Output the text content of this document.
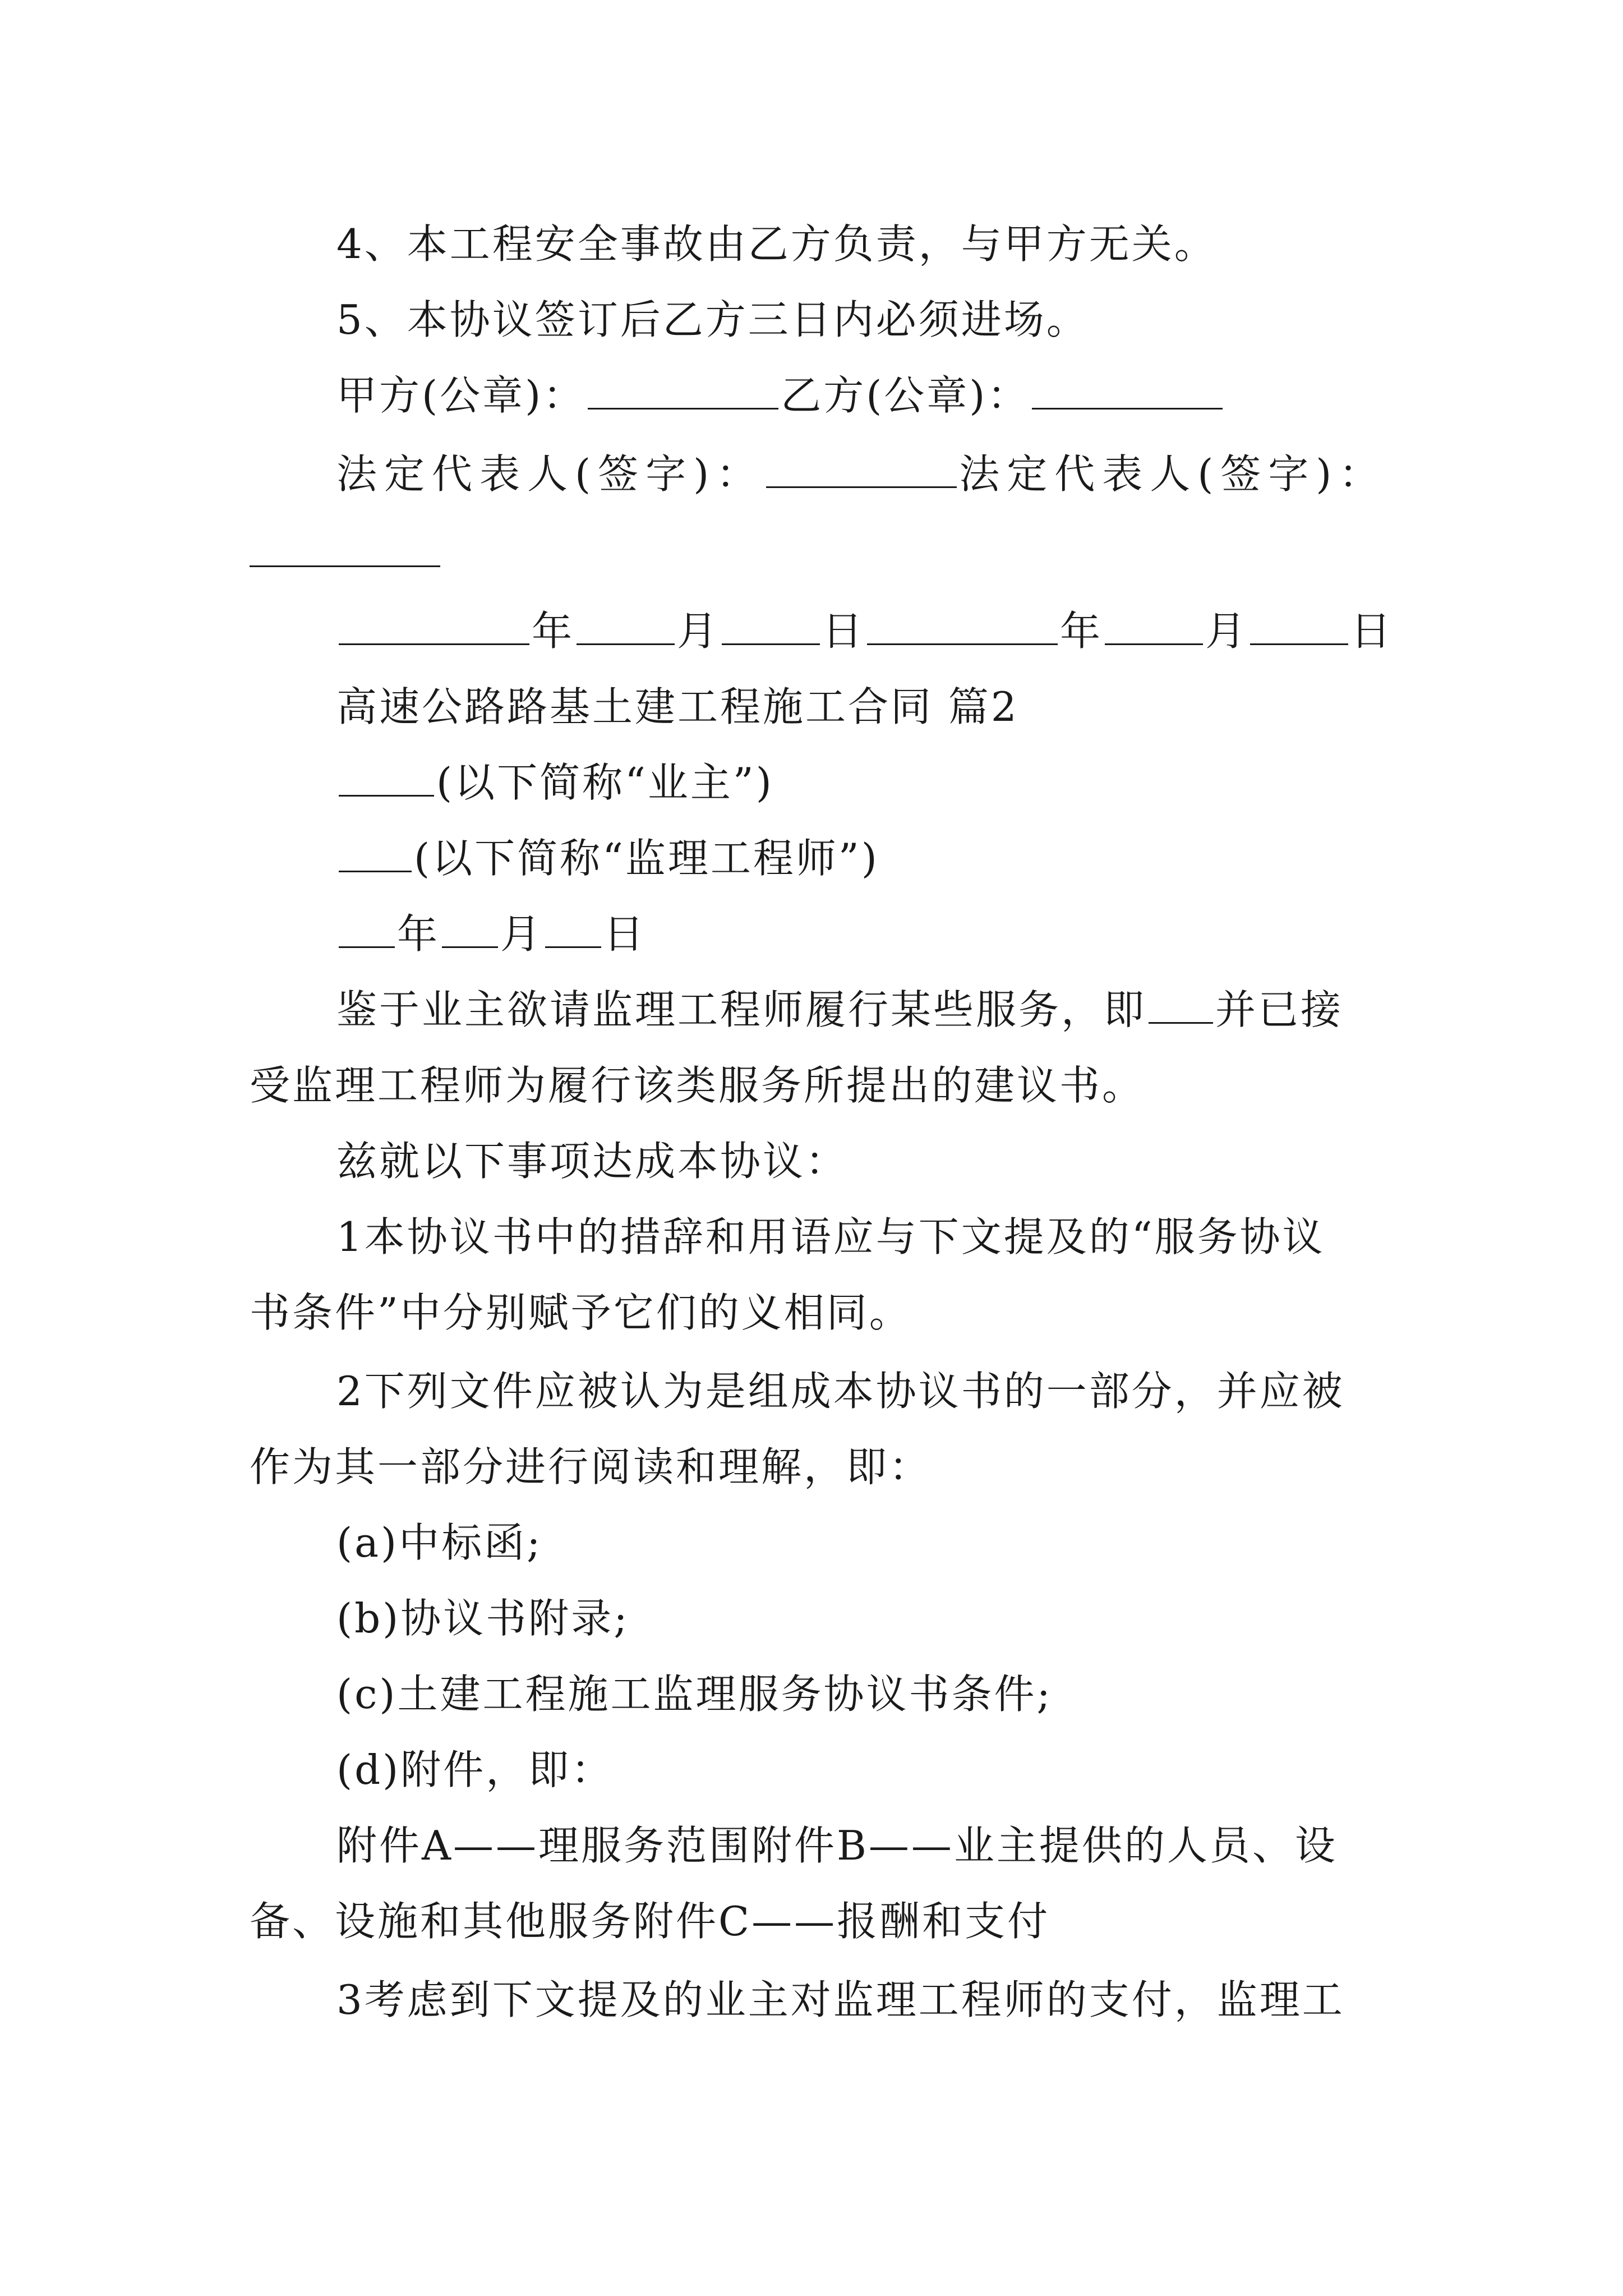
4、本工程安全事故由乙方负责，与甲方无关。
5、本协议签订后乙方三日内必须进场。
甲方(公章)：	乙方(公章)：
法定代表人(签字)：	法定代表人(签字)：
年	月	日	年	月	日
高速公路路基土建工程施工合同 篇2
(以下简称“业主”)
(以下简称“监理工程师”)
年 月 日
鉴于业主欲请监理工程师履行某些服务，即 并已接
受监理工程师为履行该类服务所提出的建议书。
兹就以下事项达成本协议：
1本协议书中的措辞和用语应与下文提及的“服务协议
书条件”中分别赋予它们的义相同。
2下列文件应被认为是组成本协议书的一部分，并应被
作为其一部分进行阅读和理解，即：
(a)中标函;
(b)协议书附录;
(c)土建工程施工监理服务协议书条件;
(d)附件，即：
附件A——理服务范围附件B——业主提供的人员、设
备、设施和其他服务附件C——报酬和支付
3考虑到下文提及的业主对监理工程师的支付，监理工
